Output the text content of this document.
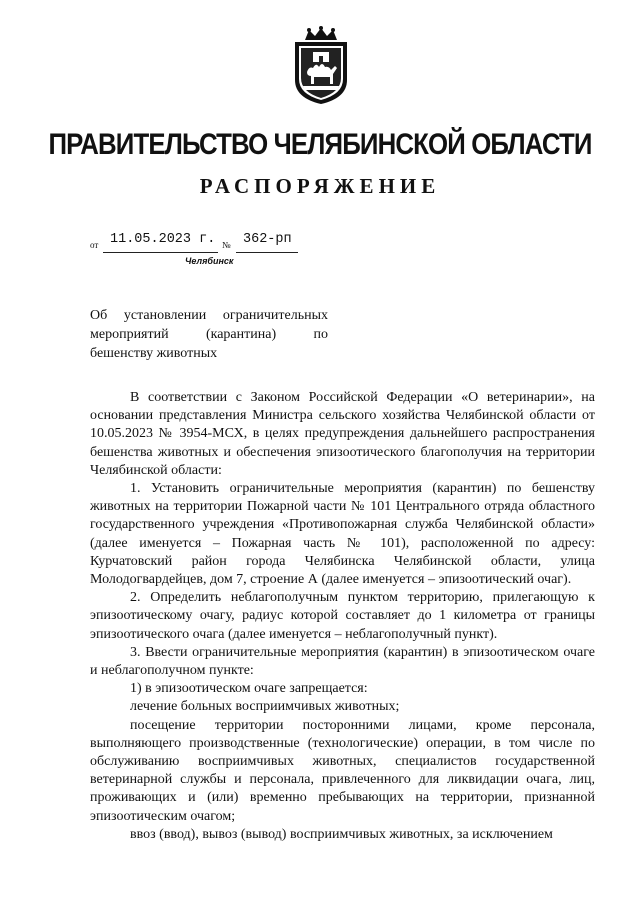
ПРАВИТЕЛЬСТВО ЧЕЛЯБИНСКОЙ ОБЛАСТИ
РАСПОРЯЖЕНИЕ
от 11.05.2023 г. № 362-рп
Челябинск
Об установлении ограничительных
мероприятий	(карантина)	по
бешенству животных

В соответствии с Законом Российской Федерации «О ветеринарии», на основании представления Министра сельского хозяйства Челябинской области от 10.05.2023 № 3954-МСХ, в целях предупреждения дальнейшего распространения бешенства животных и обеспечения эпизоотического благополучия на территории Челябинской области:

1. Установить ограничительные мероприятия (карантин) по бешенству животных на территории Пожарной части № 101 Центрального отряда областного государственного учреждения «Противопожарная служба Челябинской области» (далее именуется – Пожарная часть № 101), расположенной по адресу: Курчатовский район города Челябинска Челябинской области, улица Молодогвардейцев, дом 7, строение А (далее именуется – эпизоотический очаг).

2. Определить неблагополучным пунктом территорию, прилегающую к эпизоотическому очагу, радиус которой составляет до 1 километра от границы эпизоотического очага (далее именуется – неблагополучный пункт).

3. Ввести ограничительные мероприятия (карантин) в эпизоотическом очаге и неблагополучном пункте:

1) в эпизоотическом очаге запрещается:

лечение больных восприимчивых животных;

посещение территории посторонними лицами, кроме персонала, выполняющего производственные (технологические) операции, в том числе по обслуживанию восприимчивых животных, специалистов государственной ветеринарной службы и персонала, привлеченного для ликвидации очага, лиц, проживающих и (или) временно пребывающих на территории, признанной эпизоотическим очагом;

ввоз (ввод), вывоз (вывод) восприимчивых животных, за исключением
